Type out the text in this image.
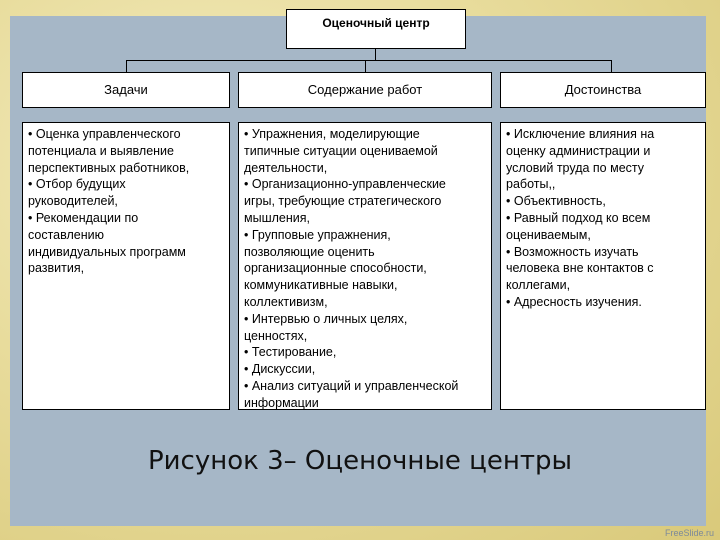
Оценочный центр
Задачи	Содержание работ	Достоинства
• Оценка управленческого
потенциала и выявление
перспективных работников,
• Отбор будущих
руководителей,
• Рекомендации по
составлению
индивидуальных программ
развития,
• Упражнения, моделирующие
типичные ситуации оцениваемой
деятельности,
• Организационно-управленческие
игры, требующие стратегического
мышления,
• Групповые упражнения,
позволяющие оценить
организационные способности,
коммуникативные навыки,
коллективизм,
• Интервью о личных целях,
ценностях,
• Тестирование,
• Дискуссии,
• Анализ ситуаций и управленческой
информации
• Исключение влияния на
оценку администрации и
условий труда по месту
работы,,
• Объективность,
• Равный подход ко всем
оцениваемым,
• Возможность изучать
человека вне контактов с
коллегами,
• Адресность изучения.
Рисунок 3– Оценочные центры
FreeSlide.ru
